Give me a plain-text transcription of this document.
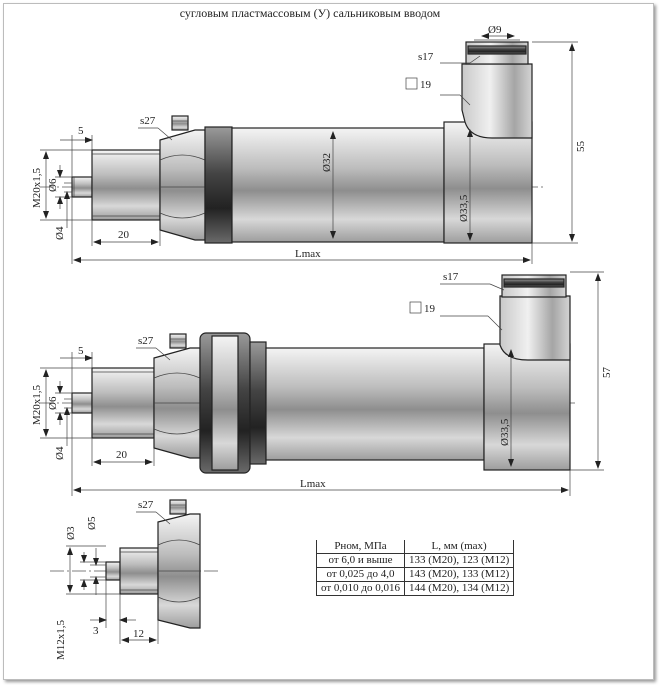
сугловым пластмассовым (У) сальниковым вводом
Ø9
s17
19
Ø32
Ø33,5
55
s27
M20x1,5 Ø6
Ø4
5
20
Lmax
s17
19
Ø33,5
57
s27
M20x1,5 Ø6
Ø4
5
20
Lmax
s27
Ø3
Ø5
M12x1,5 3	12
Рном, МПа	L, мм (max)
от 6,0 и выше	133 (M20), 123 (M12)
от 0,025 до 4,0	143 (M20), 133 (M12)
от 0,010 до 0,016	144 (M20), 134 (M12)
